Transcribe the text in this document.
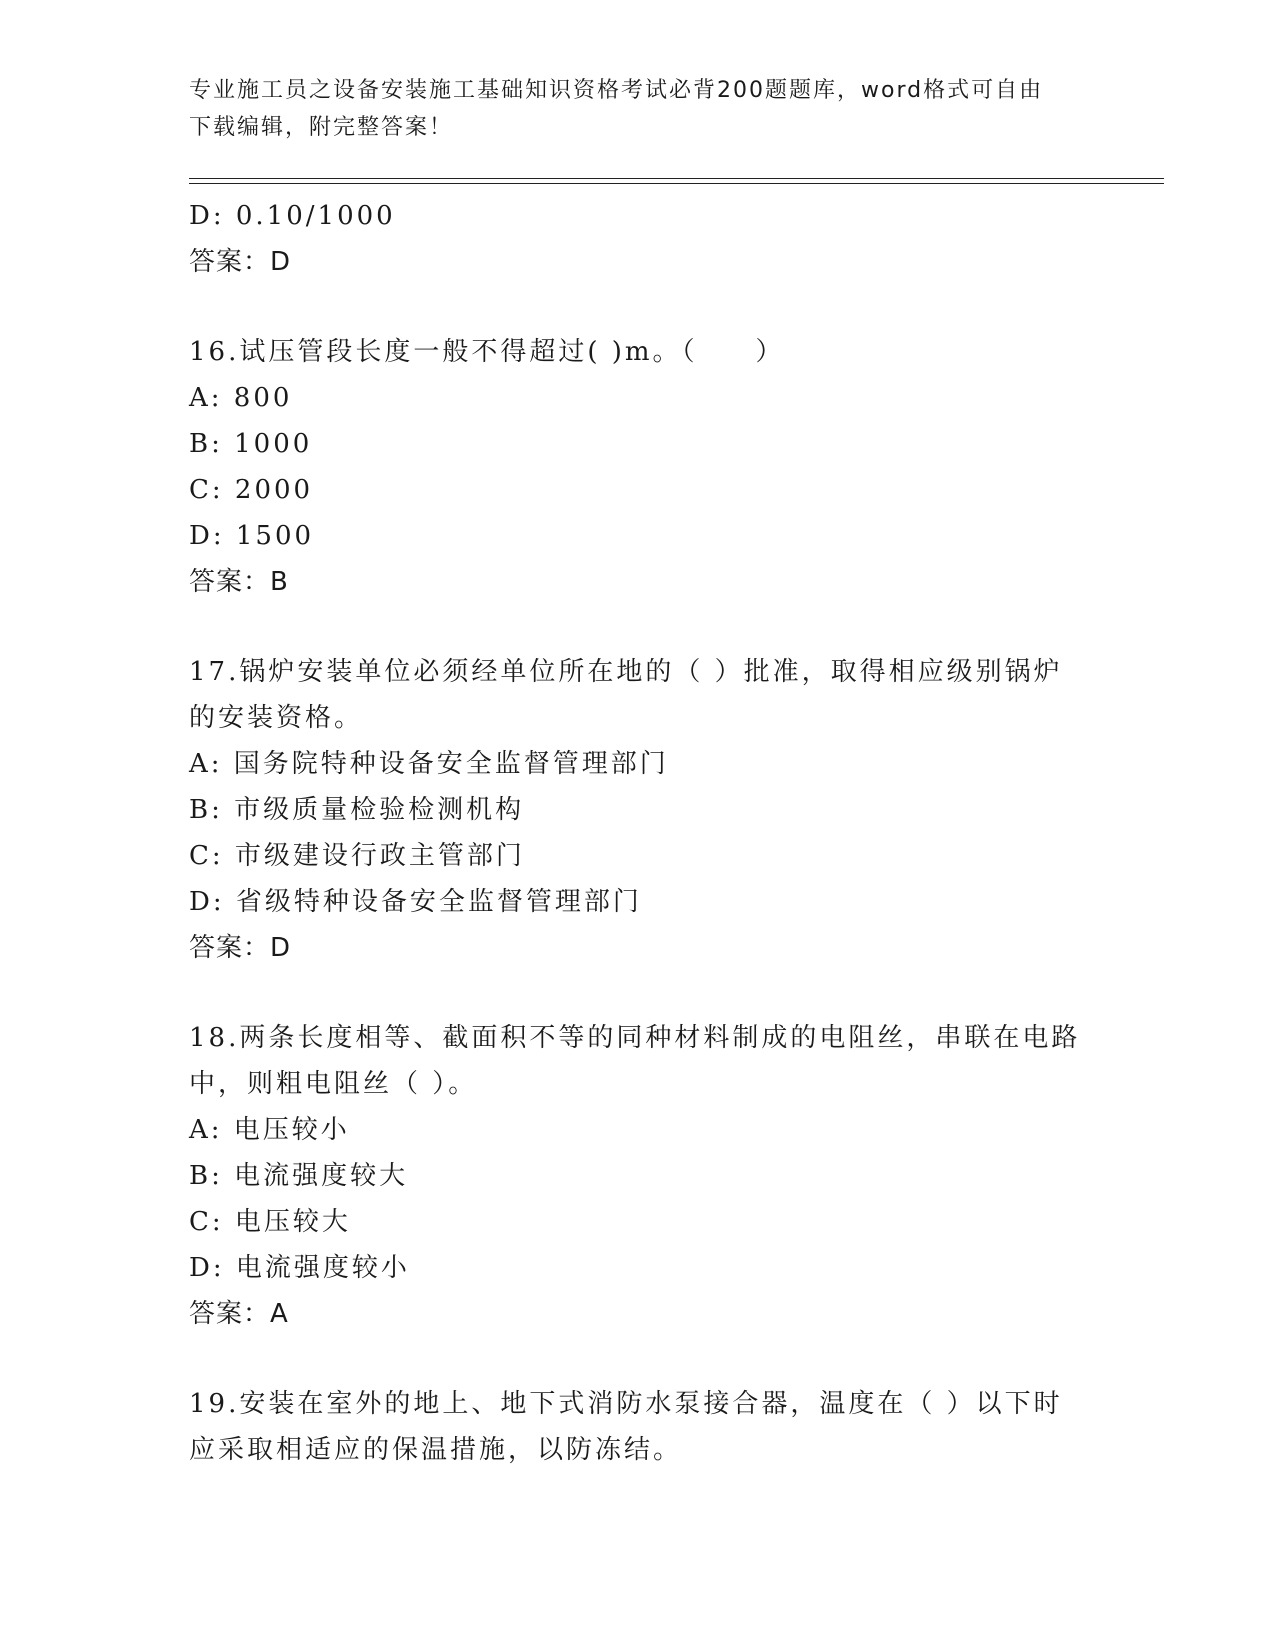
专业施工员之设备安装施工基础知识资格考试必背200题题库，word格式可自由
下载编辑，附完整答案！
D: 0.10/1000
答案：D
16.试压管段长度一般不得超过( )m。（　　）
A: 800
B: 1000
C: 2000
D: 1500
答案：B
17.锅炉安装单位必须经单位所在地的（ ）批准，取得相应级别锅炉
的安装资格。
A: 国务院特种设备安全监督管理部门
B: 市级质量检验检测机构
C: 市级建设行政主管部门
D: 省级特种设备安全监督管理部门
答案：D
18.两条长度相等、截面积不等的同种材料制成的电阻丝，串联在电路
中，则粗电阻丝（ ）。
A: 电压较小
B: 电流强度较大
C: 电压较大
D: 电流强度较小
答案：A
19.安装在室外的地上、地下式消防水泵接合器，温度在（ ）以下时
应采取相适应的保温措施，以防冻结。
